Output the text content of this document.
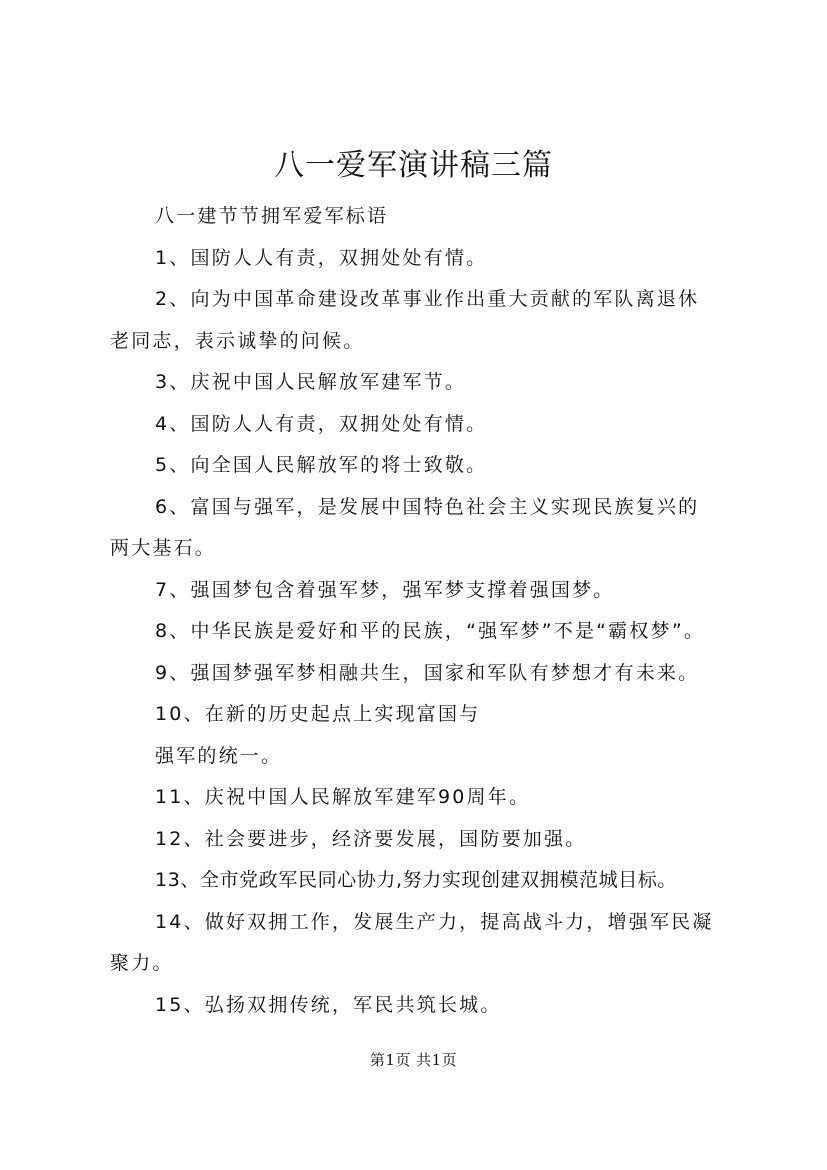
八一爱军演讲稿三篇

八一建节节拥军爱军标语

1、国防人人有责，双拥处处有情。

2、向为中国革命建设改革事业作出重大贡献的军队离退休
老同志，表示诚挚的问候。

3、庆祝中国人民解放军建军节。

4、国防人人有责，双拥处处有情。

5、向全国人民解放军的将士致敬。

6、富国与强军，是发展中国特色社会主义实现民族复兴的
两大基石。

7、强国梦包含着强军梦，强军梦支撑着强国梦。

8、中华民族是爱好和平的民族，“强军梦”不是“霸权梦”。

9、强国梦强军梦相融共生，国家和军队有梦想才有未来。

10、在新的历史起点上实现富国与
强军的统一。

11、庆祝中国人民解放军建军90周年。

12、社会要进步，经济要发展，国防要加强。

13、全市党政军民同心协力,努力实现创建双拥模范城目标。

14、做好双拥工作，发展生产力，提高战斗力，增强军民凝
聚力。

15、弘扬双拥传统，军民共筑长城。

第1页 共1页
